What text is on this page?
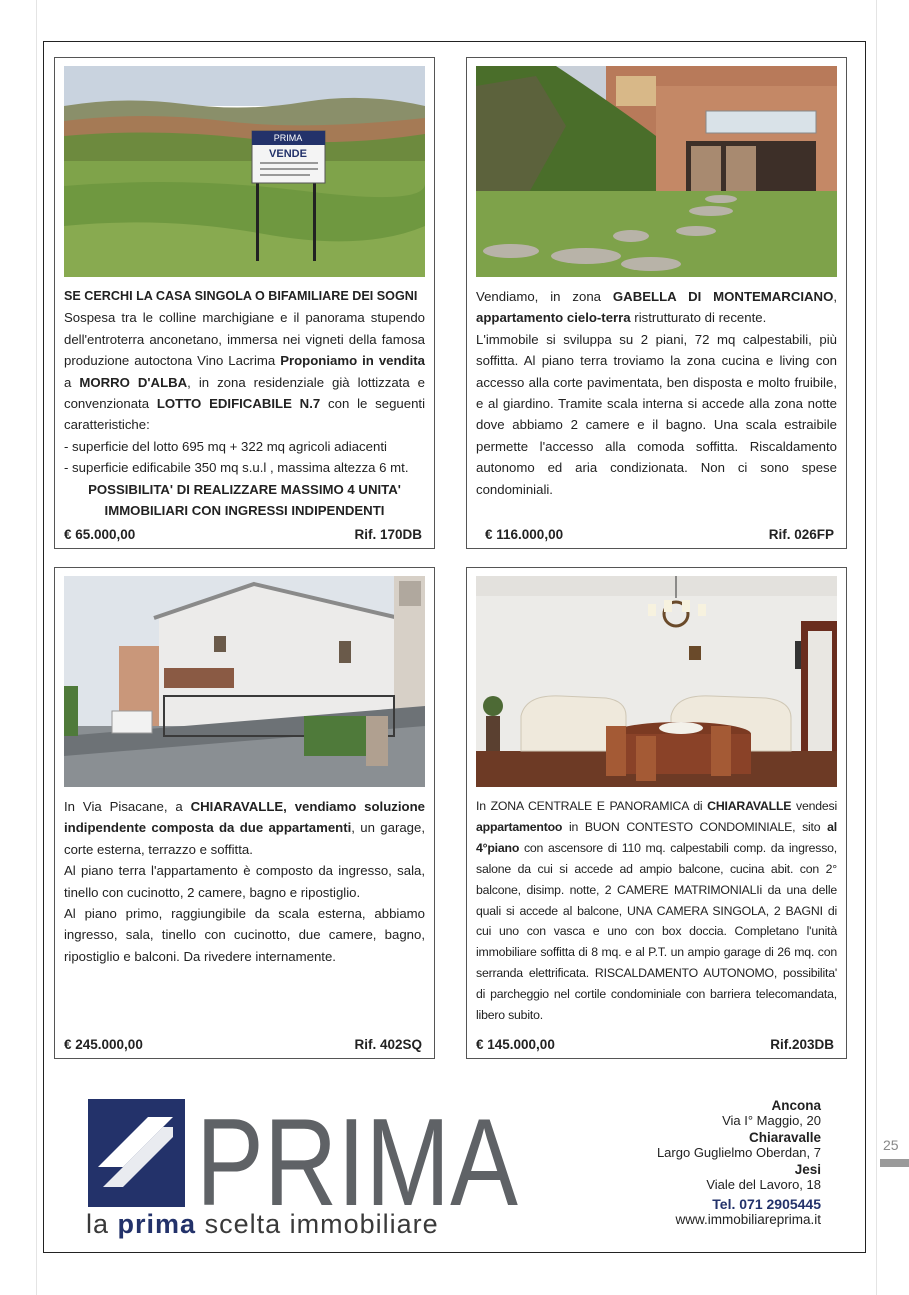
PRIMA
VENDE

SE CERCHI LA CASA SINGOLA O BIFAMILIARE DEI SOGNI

Sospesa tra le colline marchigiane e il panorama stupendo dell'entroterra anconetano, immersa nei vigneti della famosa produzione autoctona Vino Lacrima Proponiamo in vendita a MORRO D'ALBA, in zona residenziale già lottizzata e convenzionata LOTTO EDIFICABILE N.7 con le seguenti caratteristiche:

- superficie del lotto 695 mq + 322 mq agricoli adiacenti

- superficie edificabile 350 mq s.u.l , massima altezza 6 mt.

POSSIBILITA' DI REALIZZARE MASSIMO 4 UNITA' IMMOBILIARI CON INGRESSI INDIPENDENTI

€ 65.000,00	Rif. 170DB

Vendiamo, in zona GABELLA DI MONTEMARCIANO, appartamento cielo-terra ristrutturato di recente.

L'immobile si sviluppa su 2 piani, 72 mq calpestabili, più soffitta. Al piano terra troviamo la zona cucina e living con accesso alla corte pavimentata, ben disposta e molto fruibile, e al giardino. Tramite scala interna si accede alla zona notte dove abbiamo 2 camere e il bagno. Una scala estraibile permette l'accesso alla comoda soffitta. Riscaldamento autonomo ed aria condizionata. Non ci sono spese condominiali.

€ 116.000,00	Rif. 026FP

In Via Pisacane, a CHIARAVALLE, vendiamo soluzione indipendente composta da due appartamenti, un garage, corte esterna, terrazzo e soffitta.

Al piano terra l'appartamento è composto da ingresso, sala, tinello con cucinotto, 2 camere, bagno e ripostiglio.

Al piano primo, raggiungibile da scala esterna, abbiamo ingresso, sala, tinello con cucinotto, due camere, bagno, ripostiglio e balconi. Da rivedere internamente.

€ 245.000,00	Rif. 402SQ

In ZONA CENTRALE E PANORAMICA di CHIARAVALLE vendesi appartamentoo in BUON CONTESTO CONDOMINIALE, sito al 4°piano con ascensore di 110 mq. calpestabili comp. da ingresso, salone da cui si accede ad ampio balcone, cucina abit. con 2° balcone, disimp. notte, 2 CAMERE MATRIMONIALIi da una delle quali si accede al balcone, UNA CAMERA SINGOLA, 2 BAGNI di cui uno con vasca e uno con box doccia. Completano l'unità immobiliare soffitta di 8 mq. e al P.T. un ampio garage di 26 mq. con serranda elettrificata. RISCALDAMENTO AUTONOMO, possibilita' di parcheggio nel cortile condominiale con barriera telecomandata, libero subito.

€ 145.000,00	Rif.203DB
PRIMA
la prima scelta immobiliare
Ancona
Via I° Maggio, 20
Chiaravalle
Largo Guglielmo Oberdan, 7
Jesi
Viale del Lavoro, 18
Tel. 071 2905445
www.immobiliareprima.it
25
